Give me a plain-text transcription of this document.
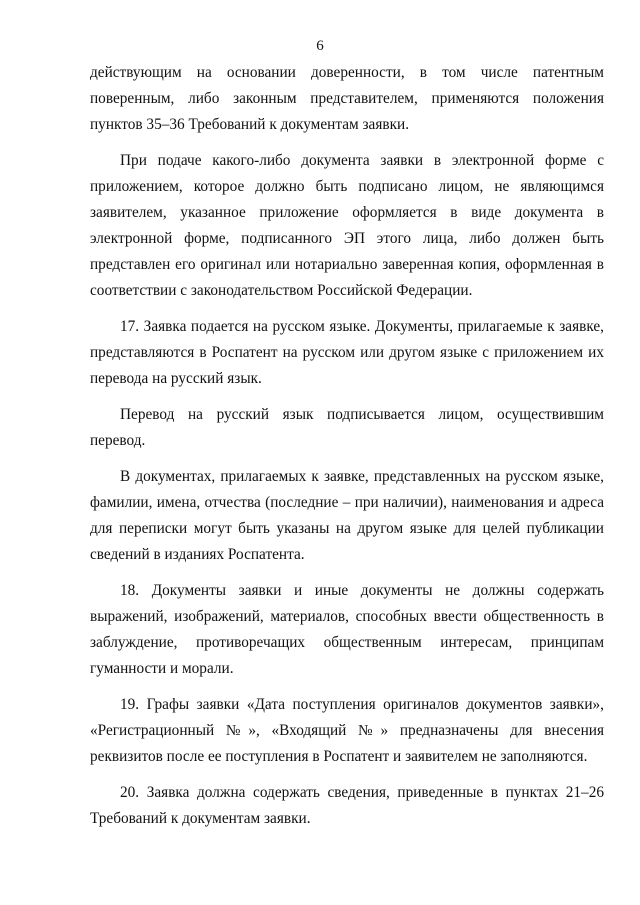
6

действующим на основании доверенности, в том числе патентным поверенным, либо законным представителем, применяются положения пунктов 35–36 Требований к документам заявки.

При подаче какого-либо документа заявки в электронной форме с приложением, которое должно быть подписано лицом, не являющимся заявителем, указанное приложение оформляется в виде документа в электронной форме, подписанного ЭП этого лица, либо должен быть представлен его оригинал или нотариально заверенная копия, оформленная в соответствии с законодательством Российской Федерации.

17. Заявка подается на русском языке. Документы, прилагаемые к заявке, представляются в Роспатент на русском или другом языке с приложением их перевода на русский язык.

Перевод на русский язык подписывается лицом, осуществившим перевод.

В документах, прилагаемых к заявке, представленных на русском языке, фамилии, имена, отчества (последние – при наличии), наименования и адреса для переписки могут быть указаны на другом языке для целей публикации сведений в изданиях Роспатента.

18. Документы заявки и иные документы не должны содержать выражений, изображений, материалов, способных ввести общественность в заблуждение, противоречащих общественным интересам, принципам гуманности и морали.

19. Графы заявки «Дата поступления оригиналов документов заявки», «Регистрационный №», «Входящий №» предназначены для внесения реквизитов после ее поступления в Роспатент и заявителем не заполняются.

20. Заявка должна содержать сведения, приведенные в пунктах 21–26 Требований к документам заявки.
